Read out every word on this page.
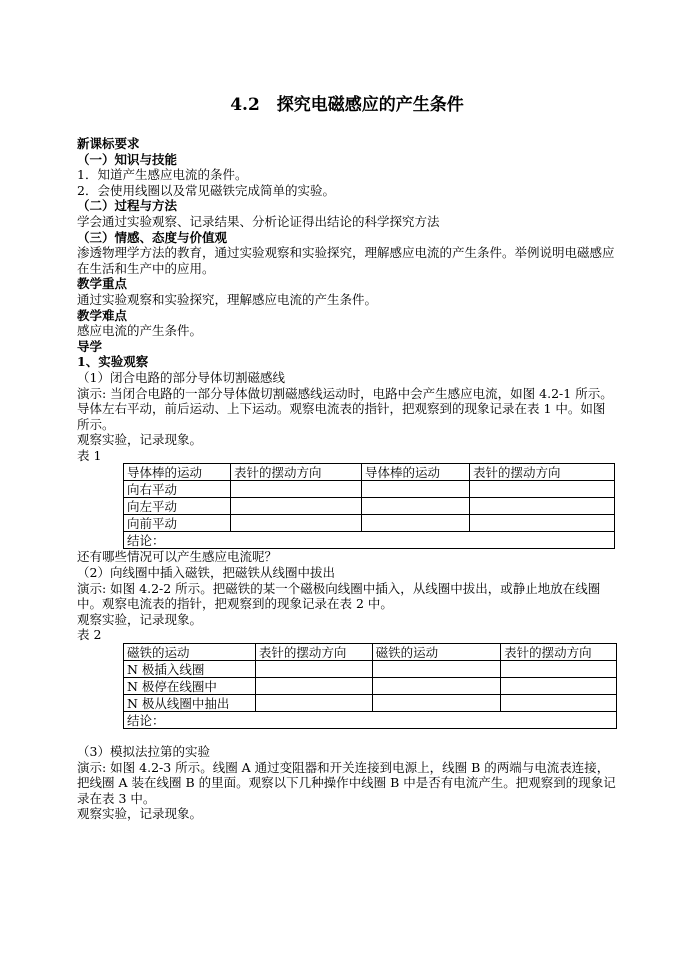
4.2　探究电磁感应的产生条件

新课标要求

（一）知识与技能

1．知道产生感应电流的条件。

2．会使用线圈以及常见磁铁完成简单的实验。

（二）过程与方法

学会通过实验观察、记录结果、分析论证得出结论的科学探究方法

（三）情感、态度与价值观

渗透物理学方法的教育，通过实验观察和实验探究，理解感应电流的产生条件。举例说明电磁感应在生活和生产中的应用。

教学重点

通过实验观察和实验探究，理解感应电流的产生条件。

教学难点

感应电流的产生条件。

导学

1、实验观察

（1）闭合电路的部分导体切割磁感线

演示: 当闭合电路的一部分导体做切割磁感线运动时，电路中会产生感应电流，如图 4.2-1 所示。

导体左右平动，前后运动、上下运动。观察电流表的指针，把观察到的现象记录在表 1 中。如图所示。

观察实验，记录现象。

表 1

导体棒的运动	表针的摆动方向	导体棒的运动	表针的摆动方向
向右平动			
向左平动			
向前平动			
结论：			

还有哪些情况可以产生感应电流呢？

（2）向线圈中插入磁铁，把磁铁从线圈中拔出

演示: 如图 4.2-2 所示。把磁铁的某一个磁极向线圈中插入，从线圈中拔出，或静止地放在线圈中。观察电流表的指针，把观察到的现象记录在表 2 中。

观察实验，记录现象。

表 2

磁铁的运动	表针的摆动方向	磁铁的运动	表针的摆动方向
N 极插入线圈			
N 极停在线圈中			
N 极从线圈中抽出			
结论：			

（3）模拟法拉第的实验

演示: 如图 4.2-3 所示。线圈 A 通过变阻器和开关连接到电源上，线圈 B 的两端与电流表连接，把线圈 A 装在线圈 B 的里面。观察以下几种操作中线圈 B 中是否有电流产生。把观察到的现象记录在表 3 中。

观察实验，记录现象。
